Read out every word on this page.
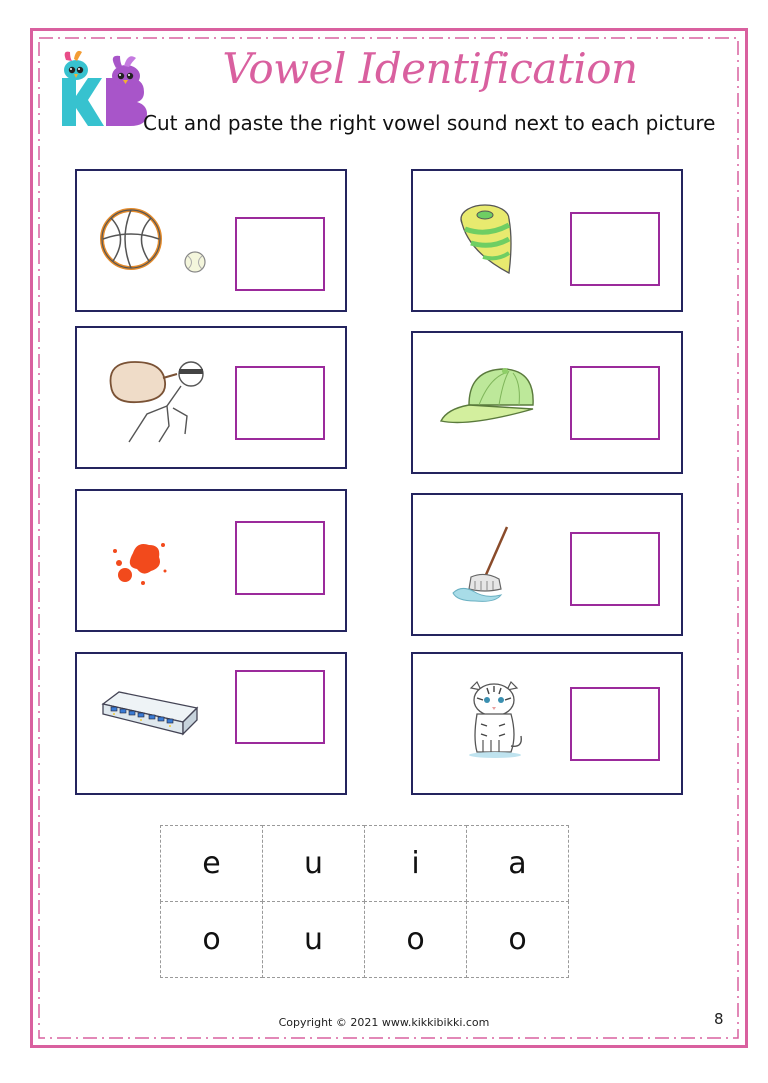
Vowel Identification
Cut and paste the right vowel sound next to each picture
e	u	i	a
o	u	o	o
Copyright © 2021 www.kikkibikki.com	8
